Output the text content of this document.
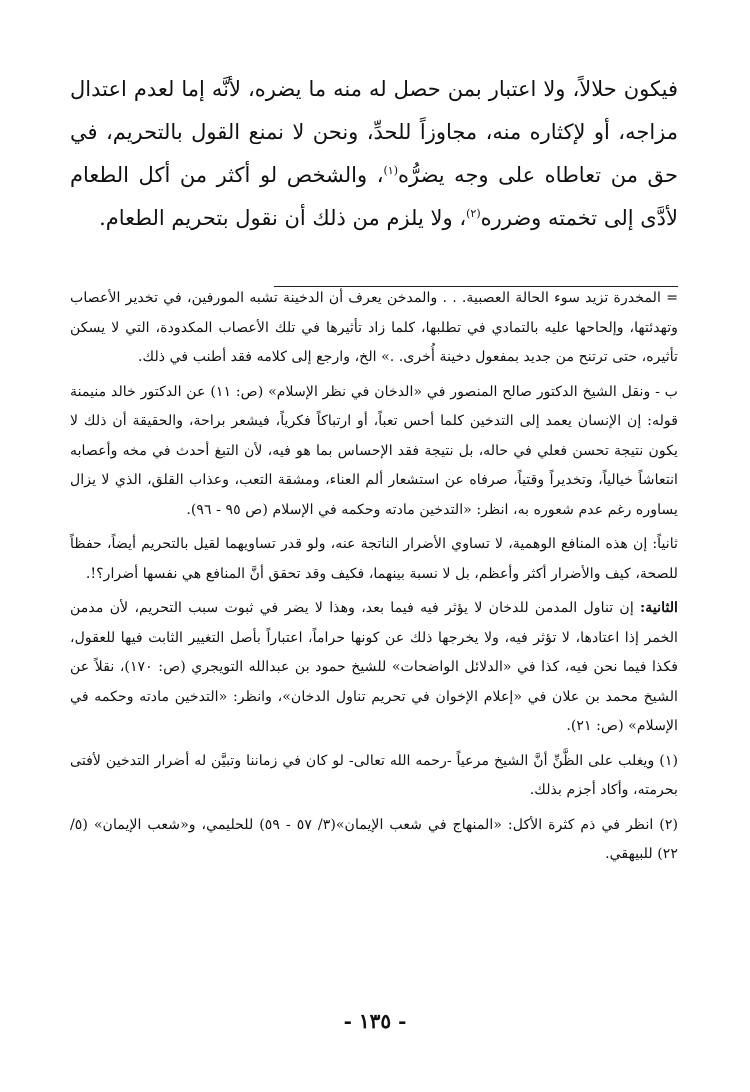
فيكون حلالاً، ولا اعتبار بمن حصل له منه ما يضره، لأنَّه إما لعدم اعتدال مزاجه، أو لإكثاره منه، مجاوزاً للحدِّ، ونحن لا نمنع القول بالتحريم، في حق من تعاطاه على وجه يضرُّه$^{(١)}$، والشخص لو أكثر من أكل الطعام لأدَّى إلى تخمته وضرره$^{(٢)}$، ولا يلزم من ذلك أن نقول بتحريم الطعام.

= المخدرة تزيد سوء الحالة العصبية. . . والمدخن يعرف أن الدخينة تشبه المورفين، في تخدير الأعصاب وتهدئتها، وإلحاحها عليه بالتمادي في تطلبها، كلما زاد تأثيرها في تلك الأعصاب المكدودة، التي لا يسكن تأثيره، حتى ترتنح من جديد بمفعول دخينة أُخرى. .» الخ، وارجع إلى كلامه فقد أطنب في ذلك.

ب - ونقل الشيخ الدكتور صالح المنصور في «الدخان في نظر الإسلام» (ص: ١١) عن الدكتور خالد منيمنة قوله: إن الإنسان يعمد إلى التدخين كلما أحس تعباً، أو ارتباكاً فكرياً، فيشعر براحة، والحقيقة أن ذلك لا يكون نتيجة تحسن فعلي في حاله، بل نتيجة فقد الإحساس بما هو فيه، لأن التبغ أحدث في مخه وأعصابه انتعاشاً خيالياً، وتخديراً وقتياً، صرفاه عن استشعار ألم العناء، ومشقة التعب، وعذاب القلق، الذي لا يزال يساوره رغم عدم شعوره به، انظر: «التدخين مادته وحكمه في الإسلام (ص ٩٥ - ٩٦).

ثانياً: إن هذه المنافع الوهمية، لا تساوي الأضرار الناتجة عنه، ولو قدر تساويهما لقيل بالتحريم أيضاً، حفظاً للصحة، كيف والأضرار أكثر وأعظم، بل لا نسبة بينهما، فكيف وقد تحقق أنَّ المنافع هي نفسها أضرار؟!.

الثانية: إن تناول المدمن للدخان لا يؤثر فيه فيما بعد، وهذا لا يضر في ثبوت سبب التحريم، لأن مدمن الخمر إذا اعتادها، لا تؤثر فيه، ولا يخرجها ذلك عن كونها حراماً، اعتباراً بأصل التغيير الثابت فيها للعقول، فكذا فيما نحن فيه، كذا في «الدلائل الواضحات» للشيخ حمود بن عبدالله التويجري (ص: ١٧٠)، نقلاً عن الشيخ محمد بن علان في «إعلام الإخوان في تحريم تناول الدخان»، وانظر: «التدخين مادته وحكمه في الإسلام» (ص: ٢١).

(١) ويغلب على الظَّنِّ أنَّ الشيخ مرعياً -رحمه الله تعالى- لو كان في زماننا وتبيَّن له أضرار التدخين لأفتى بحرمته، وأكاد أجزم بذلك.

(٢) انظر في ذم كثرة الأكل: «المنهاج في شعب الإيمان»(٣/ ٥٧ - ٥٩) للحليمي، و«شعب الإيمان» (٥/ ٢٢) للبيهقي.

- ١٣٥ -
